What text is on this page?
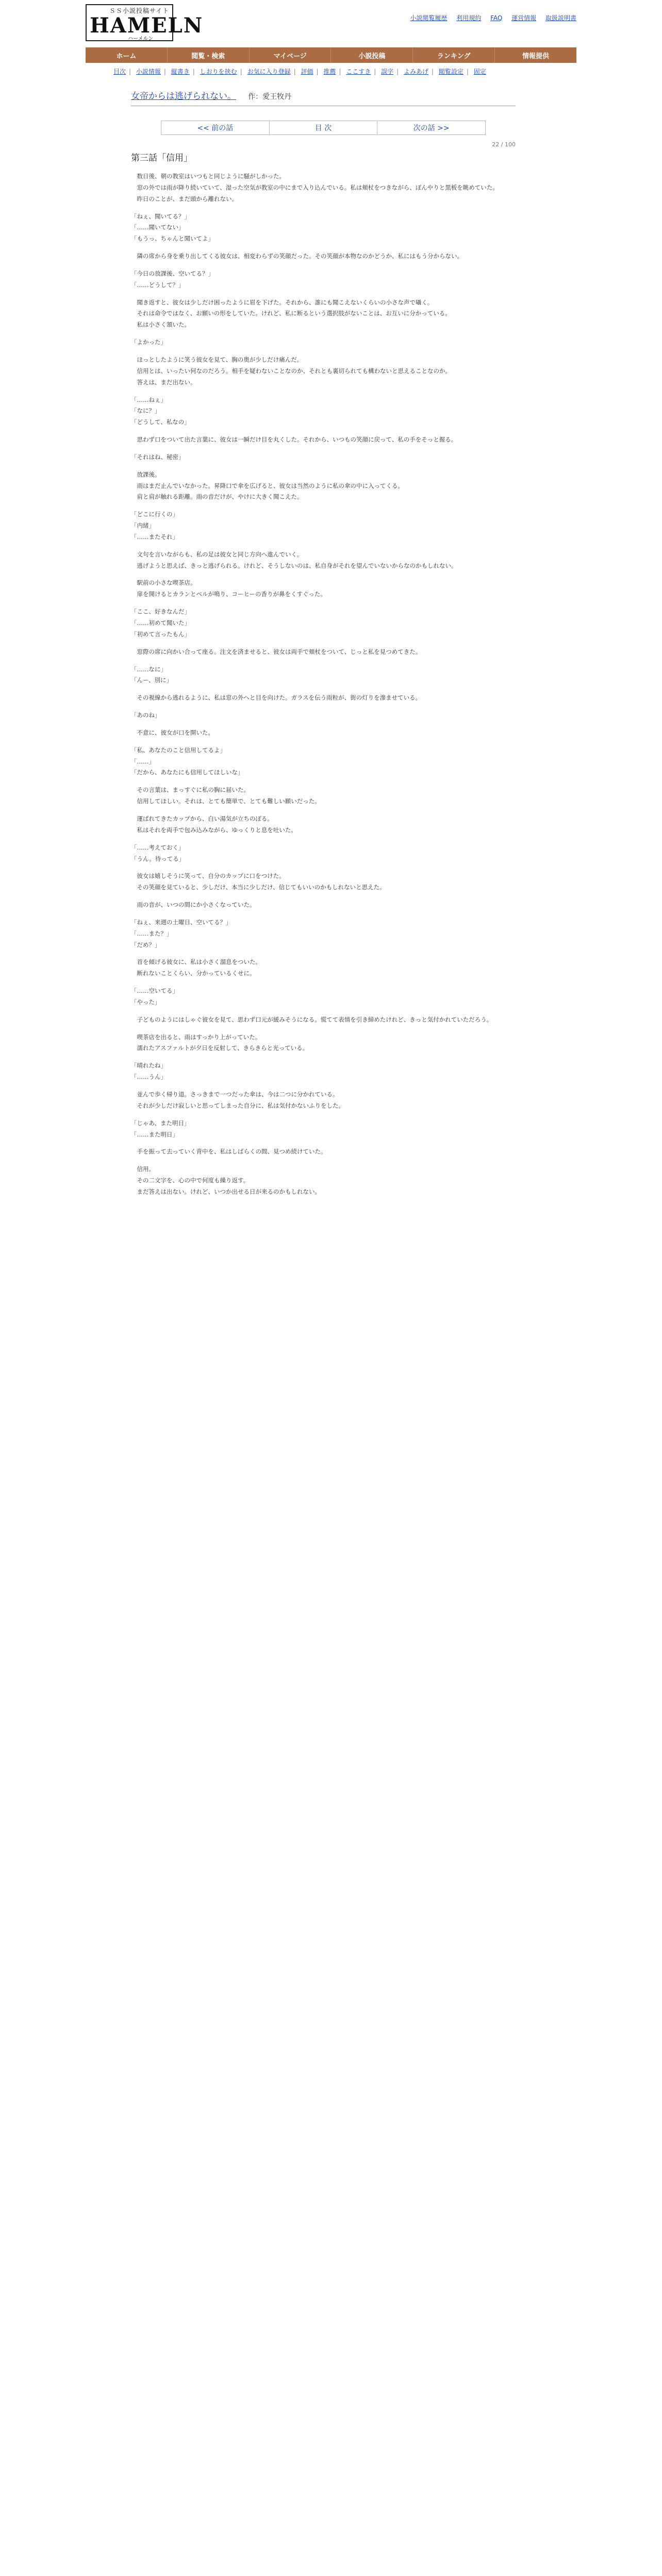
ＳＳ小説投稿サイト
HAMELN
ハーメルン
小説閲覧履歴 利用規約 FAQ 運営情報 取扱説明書
ホーム	閲覧・検索	マイページ	小説投稿	ランキング	情報提供
目次 | 小説情報 | 縦書き | しおりを挟む | お気に入り登録 | 評価 | 推薦 | ここすき | 誤字 | よみあげ | 閲覧設定 | 固定
女帝からは逃げられない。 作：愛王牧丹
<< 前の話	目 次	次の話 >>
22 / 100
第三話「信用」

　数日後、朝の教室はいつもと同じように騒がしかった。
　窓の外では雨が降り続いていて、湿った空気が教室の中にまで入り込んでいる。私は頬杖をつきながら、ぼんやりと黒板を眺めていた。
　昨日のことが、まだ頭から離れない。

「ねぇ、聞いてる？」
「……聞いてない」
「もうっ、ちゃんと聞いてよ」

　隣の席から身を乗り出してくる彼女は、相変わらずの笑顔だった。その笑顔が本物なのかどうか、私にはもう分からない。

「今日の放課後、空いてる？」
「……どうして？」

　聞き返すと、彼女は少しだけ困ったように眉を下げた。それから、誰にも聞こえないくらいの小さな声で囁く。
　それは命令ではなく、お願いの形をしていた。けれど、私に断るという選択肢がないことは、お互いに分かっている。
　私は小さく頷いた。

「よかった」

　ほっとしたように笑う彼女を見て、胸の奥が少しだけ痛んだ。
　信用とは、いったい何なのだろう。相手を疑わないことなのか、それとも裏切られても構わないと思えることなのか。
　答えは、まだ出ない。

「……ねぇ」
「なに？」
「どうして、私なの」

　思わず口をついて出た言葉に、彼女は一瞬だけ目を丸くした。それから、いつもの笑顔に戻って、私の手をそっと握る。

「それはね、秘密」

　放課後。
　雨はまだ止んでいなかった。昇降口で傘を広げると、彼女は当然のように私の傘の中に入ってくる。
　肩と肩が触れる距離。雨の音だけが、やけに大きく聞こえた。

「どこに行くの」
「内緒」
「……またそれ」

　文句を言いながらも、私の足は彼女と同じ方向へ進んでいく。
　逃げようと思えば、きっと逃げられる。けれど、そうしないのは、私自身がそれを望んでいないからなのかもしれない。

　駅前の小さな喫茶店。
　扉を開けるとカランとベルが鳴り、コーヒーの香りが鼻をくすぐった。

「ここ、好きなんだ」
「……初めて聞いた」
「初めて言ったもん」

　窓際の席に向かい合って座る。注文を済ませると、彼女は両手で頬杖をついて、じっと私を見つめてきた。

「……なに」
「んー、別に」

　その視線から逃れるように、私は窓の外へと目を向けた。ガラスを伝う雨粒が、街の灯りを滲ませている。

「あのね」

　不意に、彼女が口を開いた。

「私、あなたのこと信用してるよ」
「……」
「だから、あなたにも信用してほしいな」

　その言葉は、まっすぐに私の胸に届いた。
　信用してほしい。それは、とても簡単で、とても難しい願いだった。

　運ばれてきたカップから、白い湯気が立ちのぼる。
　私はそれを両手で包み込みながら、ゆっくりと息を吐いた。

「……考えておく」
「うん。待ってる」

　彼女は嬉しそうに笑って、自分のカップに口をつけた。
　その笑顔を見ていると、少しだけ、本当に少しだけ、信じてもいいのかもしれないと思えた。

　雨の音が、いつの間にか小さくなっていた。

「ねぇ、来週の土曜日、空いてる？」
「……また？」
「だめ？」

　首を傾げる彼女に、私は小さく溜息をついた。
　断れないことくらい、分かっているくせに。

「……空いてる」
「やった」

　子どものようにはしゃぐ彼女を見て、思わず口元が緩みそうになる。慌てて表情を引き締めたけれど、きっと気付かれていただろう。

　喫茶店を出ると、雨はすっかり上がっていた。
　濡れたアスファルトが夕日を反射して、きらきらと光っている。

「晴れたね」
「……うん」

　並んで歩く帰り道。さっきまで一つだった傘は、今は二つに分かれている。
　それが少しだけ寂しいと思ってしまった自分に、私は気付かないふりをした。

「じゃあ、また明日」
「……また明日」

　手を振って去っていく背中を、私はしばらくの間、見つめ続けていた。

　信用。
　その二文字を、心の中で何度も繰り返す。
　まだ答えは出ない。けれど、いつか出せる日が来るのかもしれない。
